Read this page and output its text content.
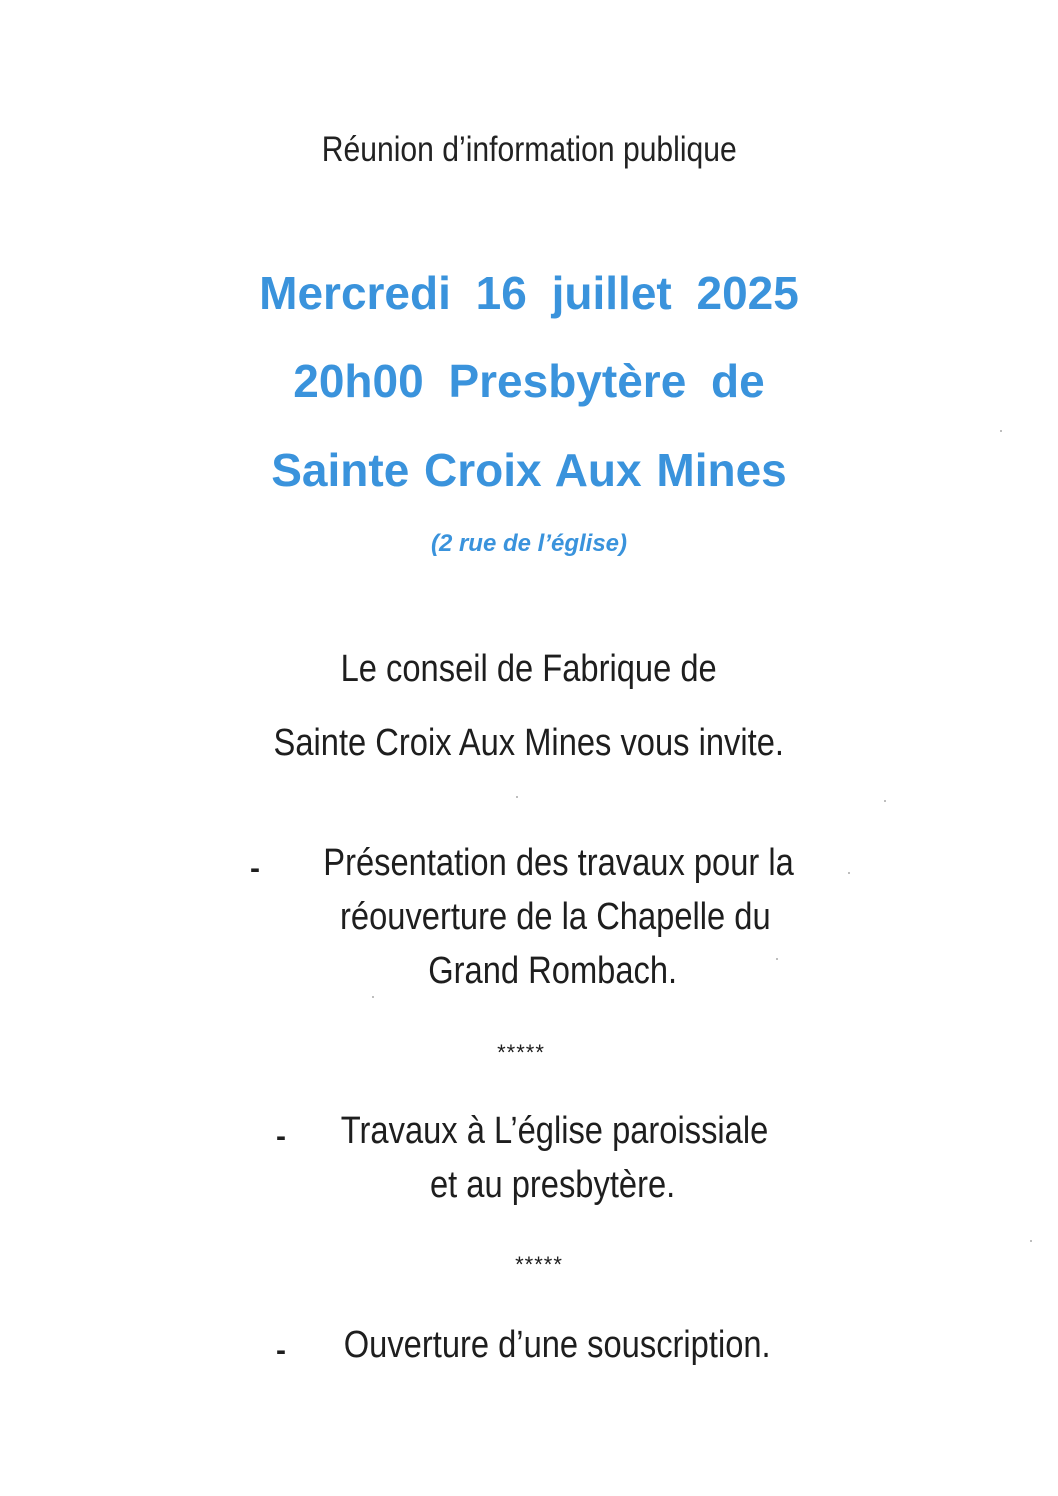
Réunion d’information publique
Mercredi 16 juillet 2025
20h00 Presbytère de
Sainte Croix Aux Mines
(2 rue de l’église)
Le conseil de Fabrique de
Sainte Croix Aux Mines vous invite.
-	Présentation des travaux pour la
réouverture de la Chapelle du
Grand Rombach.
*****
-	Travaux à L’église paroissiale
et au presbytère.
*****
-	Ouverture d’une souscription.
